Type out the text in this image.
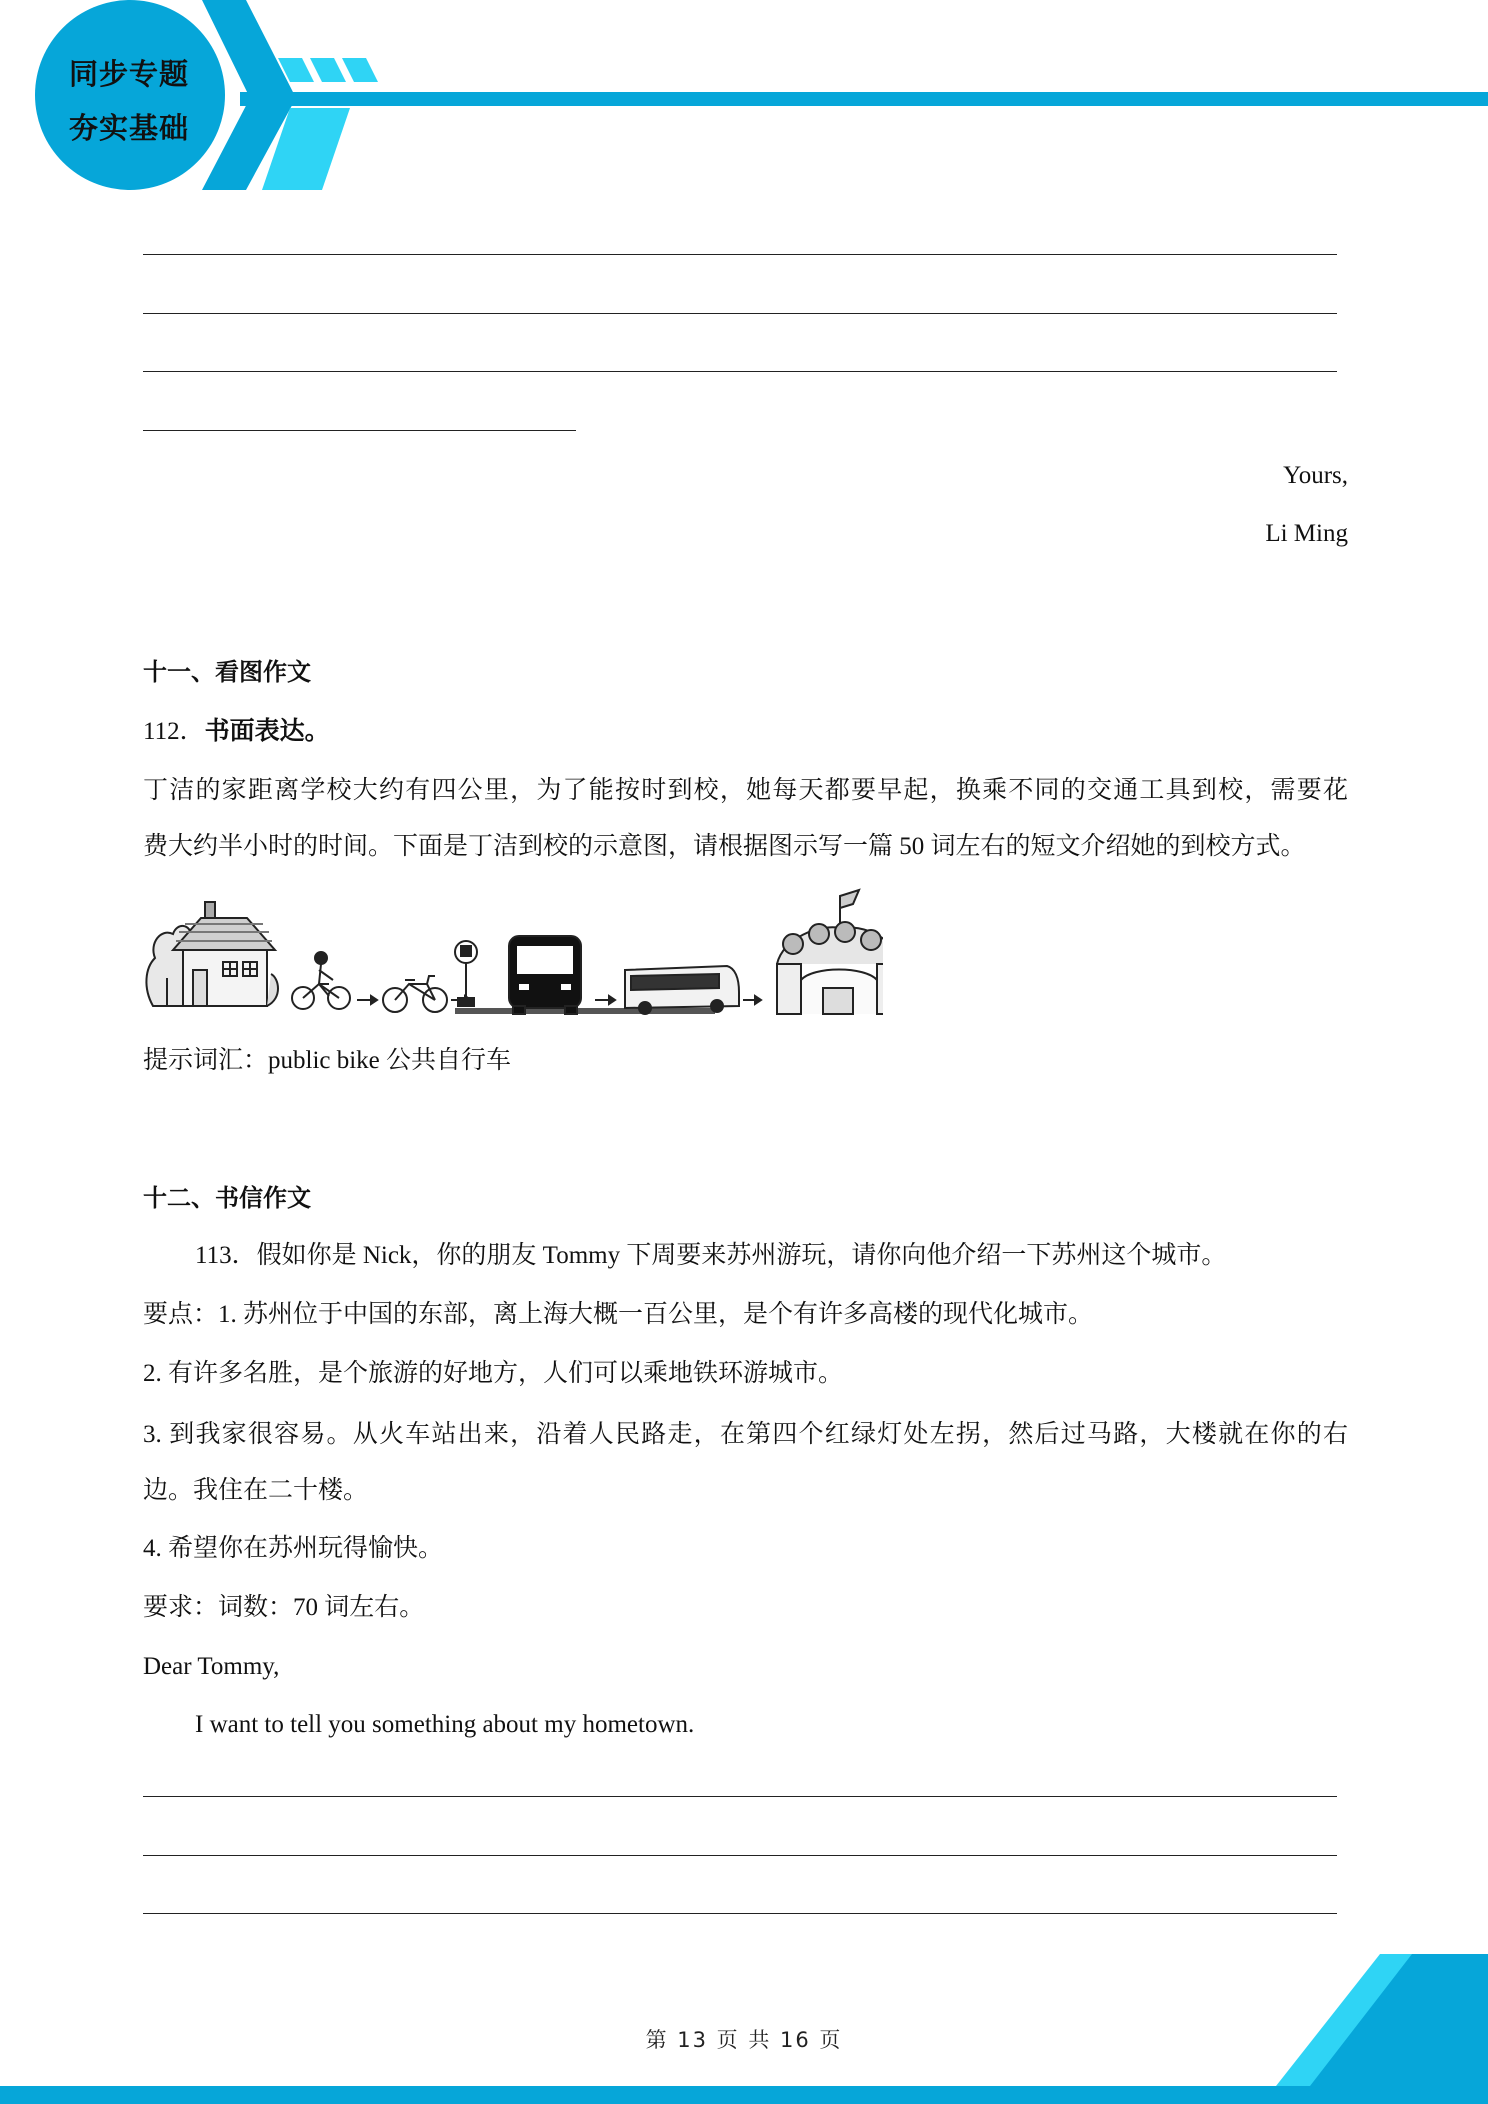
同步专题
夯实基础
Yours,
Li Ming
十一、看图作文
112．书面表达。
丁洁的家距离学校大约有四公里，为了能按时到校，她每天都要早起，换乘不同的交通工具到校，需要花
费大约半小时的时间。下面是丁洁到校的示意图，请根据图示写一篇 50 词左右的短文介绍她的到校方式。
提示词汇：public bike 公共自行车
十二、书信作文
113．假如你是 Nick，你的朋友 Tommy 下周要来苏州游玩，请你向他介绍一下苏州这个城市。
要点：1. 苏州位于中国的东部，离上海大概一百公里，是个有许多高楼的现代化城市。
2. 有许多名胜，是个旅游的好地方，人们可以乘地铁环游城市。
3. 到我家很容易。从火车站出来，沿着人民路走，在第四个红绿灯处左拐，然后过马路，大楼就在你的右
边。我住在二十楼。
4. 希望你在苏州玩得愉快。
要求：词数：70 词左右。
Dear Tommy,
I want to tell you something about my hometown.
第 13 页 共 16 页
